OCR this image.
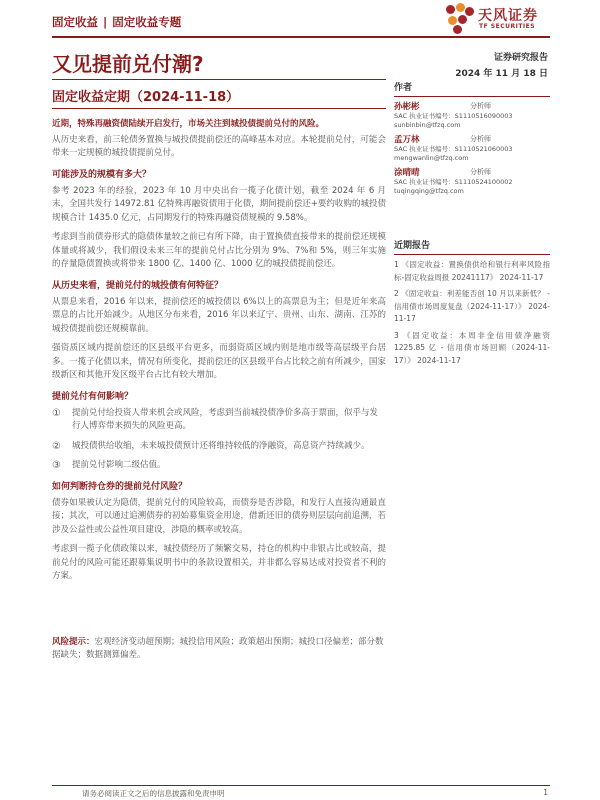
固定收益 | 固定收益专题	天风证券
TF SECURITIES
又见提前兑付潮?	证券研究报告
2024 年 11 月 18 日
固定收益定期（2024-11-18）

近期，特殊再融资债陆续开启发行，市场关注到城投债提前兑付的风险。

从历史来看，前三轮债务置换与城投债提前偿还的高峰基本对应。本轮提前兑付，可能会带来一定规模的城投债提前兑付。

可能涉及的规模有多大？

参考 2023 年的经验，2023 年 10 月中央出台一揽子化债计划，截至 2024 年 6 月末，全国共发行 14972.81 亿特殊再融资债用于化债，期间提前偿还+要约收购的城投债规模合计 1435.0 亿元，占同期发行的特殊再融资债规模的 9.58%。

考虑到当前债券形式的隐债体量较之前已有所下降，由于置换债直接带来的提前偿还规模体量或将减少，我们假设未来三年的提前兑付占比分别为 9%、7%和 5%，则三年实施的存量隐债置换或将带来 1800 亿、1400 亿、1000 亿的城投债提前偿还。

从历史来看，提前兑付的城投债有何特征？

从票息来看，2016 年以来，提前偿还的城投债以 6%以上的高票息为主；但是近年来高票息的占比开始减少。从地区分布来看，2016 年以来辽宁、贵州、山东、湖南、江苏的城投债提前偿还规模靠前。

强资质区域内提前偿还的区县级平台更多，而弱资质区域内则是地市级等高层级平台居多。一揽子化债以来，情况有所变化，提前偿还的区县级平台占比较之前有所减少，国家级新区和其他开发区级平台占比有较大增加。

提前兑付有何影响？
① 提前兑付给投资人带来机会或风险，考虑到当前城投债净价多高于票面，似乎与发行人博弈带来损失的风险更高。
② 城投债供给收缩，未来城投债预计还将维持较低的净融资，高息资产持续减少。
③ 提前兑付影响二级估值。
如何判断持仓券的提前兑付风险？

债券如果被认定为隐债，提前兑付的风险较高，而债券是否涉隐，和发行人直接沟通最直接；其次，可以通过追溯债券的初始募集资金用途，借新还旧的债券则层层向前追溯，若涉及公益性或公益性项目建设，涉隐的概率或较高。

考虑到一揽子化债政策以来，城投债经历了频繁交易，持仓的机构中非银占比或较高，提前兑付的风险可能还跟募集说明书中的条款设置相关，并非都么容易达成对投资者不利的方案。

风险提示：宏观经济变动超预期；城投信用风险；政策超出预期；城投口径偏差；部分数据缺失；数据测算偏差。
作者
孙彬彬	分析师
SAC 执业证书编号：S1110516090003
sunbinbin@tfzq.com
孟万林	分析师
SAC 执业证书编号：S1110521060003
mengwanlin@tfzq.com
涂晴晴	分析师
SAC 执业证书编号：S1110524100002
tuqingqing@tfzq.com
近期报告
1 《固定收益：置换债供给和银行利率风险指标-固定收益周报 20241117》 2024-11-17
2 《固定收益：利差能否创 10 月以来新低？ - 信用债市场周度复盘（2024-11-17）》 2024-11-17
3 《固定收益：本周非金信用债净融资 1225.85 亿 - 信用债市场回顾（2024-11-17）》 2024-11-17
请务必阅读正文之后的信息披露和免责申明	1
